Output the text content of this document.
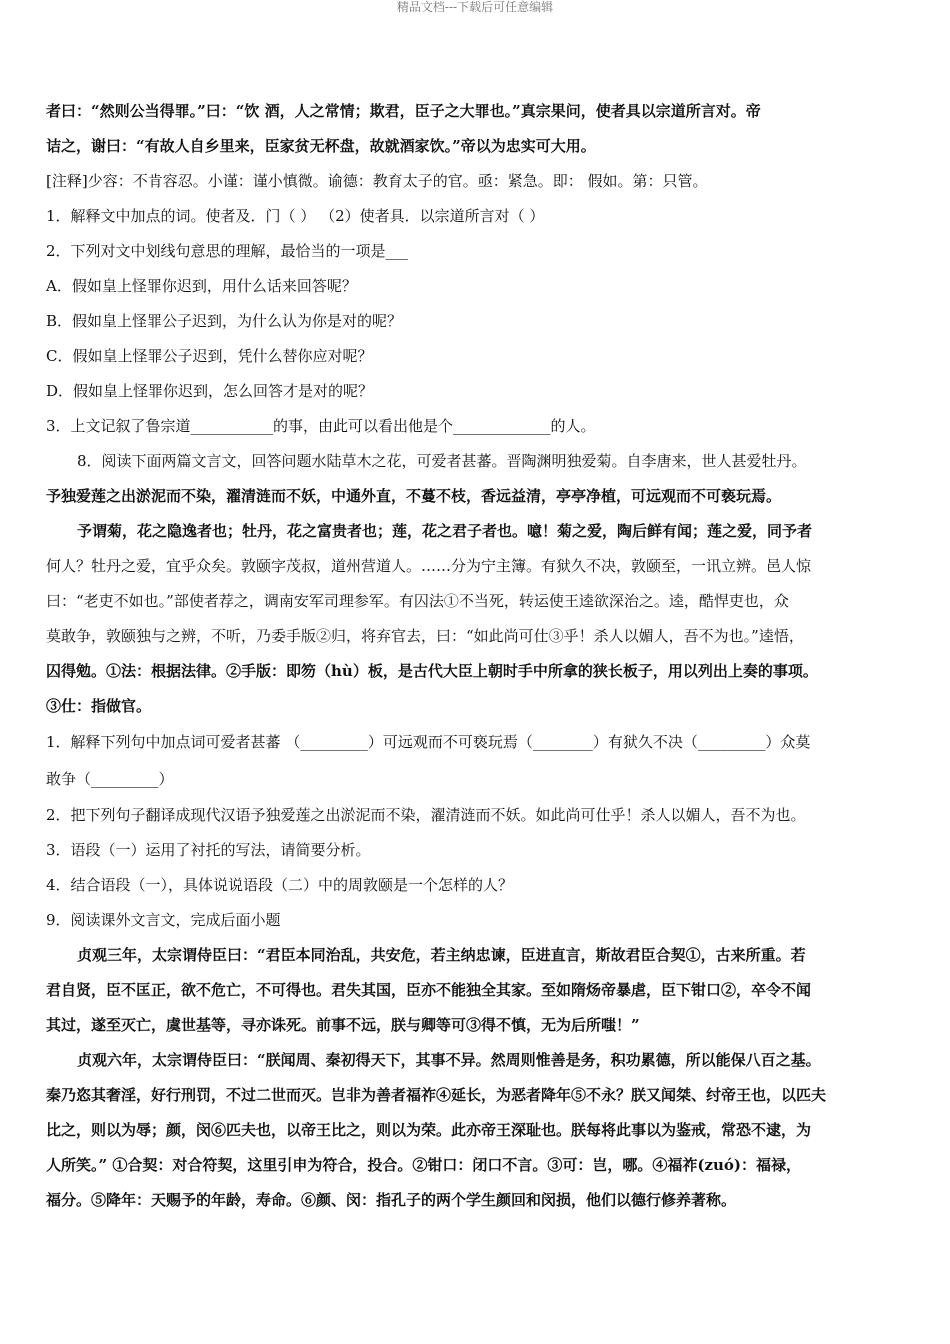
精品文档---下载后可任意编辑

者曰：“然则公当得罪。”曰：“饮 酒，人之常情；欺君，臣子之大罪也。”真宗果问，使者具以宗道所言对。帝

诘之，谢曰：“有故人自乡里来，臣家贫无杯盘，故就酒家饮。”帝以为忠实可大用。

[注释]少容：不肯容忍。小谨：谨小慎微。谕德：教育太子的官。亟：紧急。即： 假如。第：只管。

1．解释文中加点的词。使者及．门（ ） （2）使者具．以宗道所言对（ ）

2．下列对文中划线句意思的理解，最恰当的一项是___

A．假如皇上怪罪你迟到，用什么话来回答呢？

B．假如皇上怪罪公子迟到，为什么认为你是对的呢？

C．假如皇上怪罪公子迟到，凭什么替你应对呢？

D．假如皇上怪罪你迟到，怎么回答才是对的呢？

3．上文记叙了鲁宗道___________的事，由此可以看出他是个_____________的人。

8．阅读下面两篇文言文，回答问题水陆草木之花，可爱者甚蕃。晋陶渊明独爱菊。自李唐来，世人甚爱牡丹。

予独爱莲之出淤泥而不染，濯清涟而不妖，中通外直，不蔓不枝，香远益清，亭亭净植，可远观而不可亵玩焉。

予谓菊，花之隐逸者也；牡丹，花之富贵者也；莲，花之君子者也。噫！菊之爱，陶后鲜有闻；莲之爱，同予者

何人？牡丹之爱，宜乎众矣。敦颐字茂叔，道州营道人。……分为宁主簿。有狱久不决，敦颐至，一讯立辨。邑人惊

曰：“老吏不如也。”部使者荐之，调南安军司理参军。有囚法①不当死，转运使王逵欲深治之。逵，酷悍吏也，众

莫敢争，敦颐独与之辨，不听，乃委手版②归，将弃官去，曰：“如此尚可仕③乎！杀人以媚人，吾不为也。”逵悟，

囚得勉。①法：根据法律。②手版：即笏（hù）板，是古代大臣上朝时手中所拿的狭长板子，用以列出上奏的事项。

③仕：指做官。

1．解释下列句中加点词可爱者甚蕃 （_________）可远观而不可亵玩焉（________）有狱久不决（_________）众莫

敢争（_________）

2．把下列句子翻译成现代汉语予独爱莲之出淤泥而不染，濯清涟而不妖。如此尚可仕乎！杀人以媚人，吾不为也。

3．语段（一）运用了衬托的写法，请简要分析。

4．结合语段（一），具体说说语段（二）中的周敦颐是一个怎样的人？

9．阅读课外文言文，完成后面小题

贞观三年，太宗谓侍臣曰：“君臣本同治乱，共安危，若主纳忠谏，臣进直言，斯故君臣合契①，古来所重。若

君自贤，臣不匡正，欲不危亡，不可得也。君失其国，臣亦不能独全其家。至如隋炀帝暴虐，臣下钳口②，卒令不闻

其过，遂至灭亡，虞世基等，寻亦诛死。前事不远，朕与卿等可③得不慎，无为后所嗤！”

贞观六年，太宗谓侍臣曰：“朕闻周、秦初得天下，其事不异。然周则惟善是务，积功累德，所以能保八百之基。

秦乃恣其奢淫，好行刑罚，不过二世而灭。岂非为善者福祚④延长，为恶者降年⑤不永？朕又闻桀、纣帝王也，以匹夫

比之，则以为辱；颜，闵⑥匹夫也，以帝王比之，则以为荣。此亦帝王深耻也。朕每将此事以为鉴戒，常恐不逮，为

人所笑。” ①合契：对合符契，这里引申为符合，投合。②钳口：闭口不言。③可：岂，哪。④福祚(zuó)：福禄，

福分。⑤降年：天赐予的年龄，寿命。⑥颜、闵：指孔子的两个学生颜回和闵损，他们以德行修养著称。
